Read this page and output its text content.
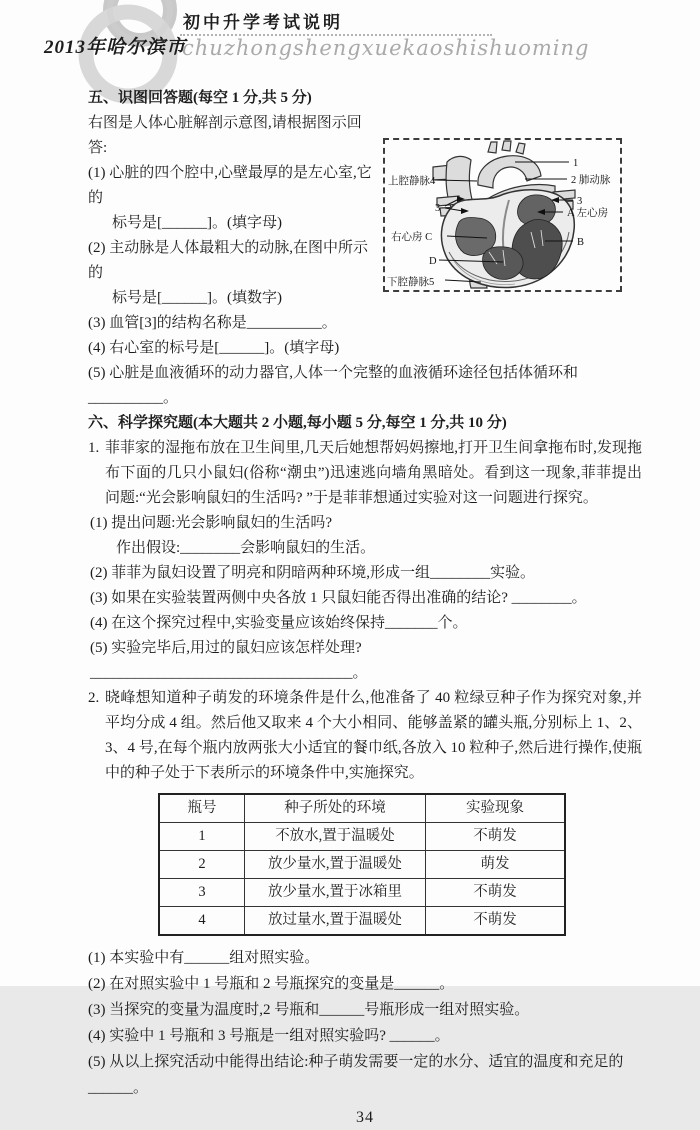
2013年哈尔滨市
初中升学考试说明
chuzhongshengxuekaoshishuoming
五、识图回答题(每空 1 分,共 5 分)
右图是人体心脏解剖示意图,请根据图示回答:
(1) 心脏的四个腔中,心壁最厚的是左心室,它的
标号是[______]。(填字母)
(2) 主动脉是人体最粗大的动脉,在图中所示的
标号是[______]。(填数字)
(3) 血管[3]的结构名称是__________。
(4) 右心室的标号是[______]。(填字母)
上腔静脉4
3
右心房 C
D
下腔静脉5
1
2 肺动脉
3
A 左心房
B
(5) 心脏是血液循环的动力器官,人体一个完整的血液循环途径包括体循环和__________。
六、科学探究题(本大题共 2 小题,每小题 5 分,每空 1 分,共 10 分)
1. 菲菲家的湿拖布放在卫生间里,几天后她想帮妈妈擦地,打开卫生间拿拖布时,发现拖布下面的几只小鼠妇(俗称“潮虫”)迅速逃向墙角黑暗处。看到这一现象,菲菲提出问题:“光会影响鼠妇的生活吗? ”于是菲菲想通过实验对这一问题进行探究。
(1) 提出问题:光会影响鼠妇的生活吗?
作出假设:________会影响鼠妇的生活。
(2) 菲菲为鼠妇设置了明亮和阴暗两种环境,形成一组________实验。
(3) 如果在实验装置两侧中央各放 1 只鼠妇能否得出准确的结论? ________。
(4) 在这个探究过程中,实验变量应该始终保持_______个。
(5) 实验完毕后,用过的鼠妇应该怎样处理? ___________________________________。
2. 晓峰想知道种子萌发的环境条件是什么,他准备了 40 粒绿豆种子作为探究对象,并平均分成 4 组。然后他又取来 4 个大小相同、能够盖紧的罐头瓶,分别标上 1、2、3、4 号,在每个瓶内放两张大小适宜的餐巾纸,各放入 10 粒种子,然后进行操作,使瓶中的种子处于下表所示的环境条件中,实施探究。
瓶号	种子所处的环境	实验现象
1	不放水,置于温暖处	不萌发
2	放少量水,置于温暖处	萌发
3	放少量水,置于冰箱里	不萌发
4	放过量水,置于温暖处	不萌发
(1) 本实验中有______组对照实验。
(2) 在对照实验中 1 号瓶和 2 号瓶探究的变量是______。
(3) 当探究的变量为温度时,2 号瓶和______号瓶形成一组对照实验。
(4) 实验中 1 号瓶和 3 号瓶是一组对照实验吗? ______。
(5) 从以上探究活动中能得出结论:种子萌发需要一定的水分、适宜的温度和充足的______。
34
